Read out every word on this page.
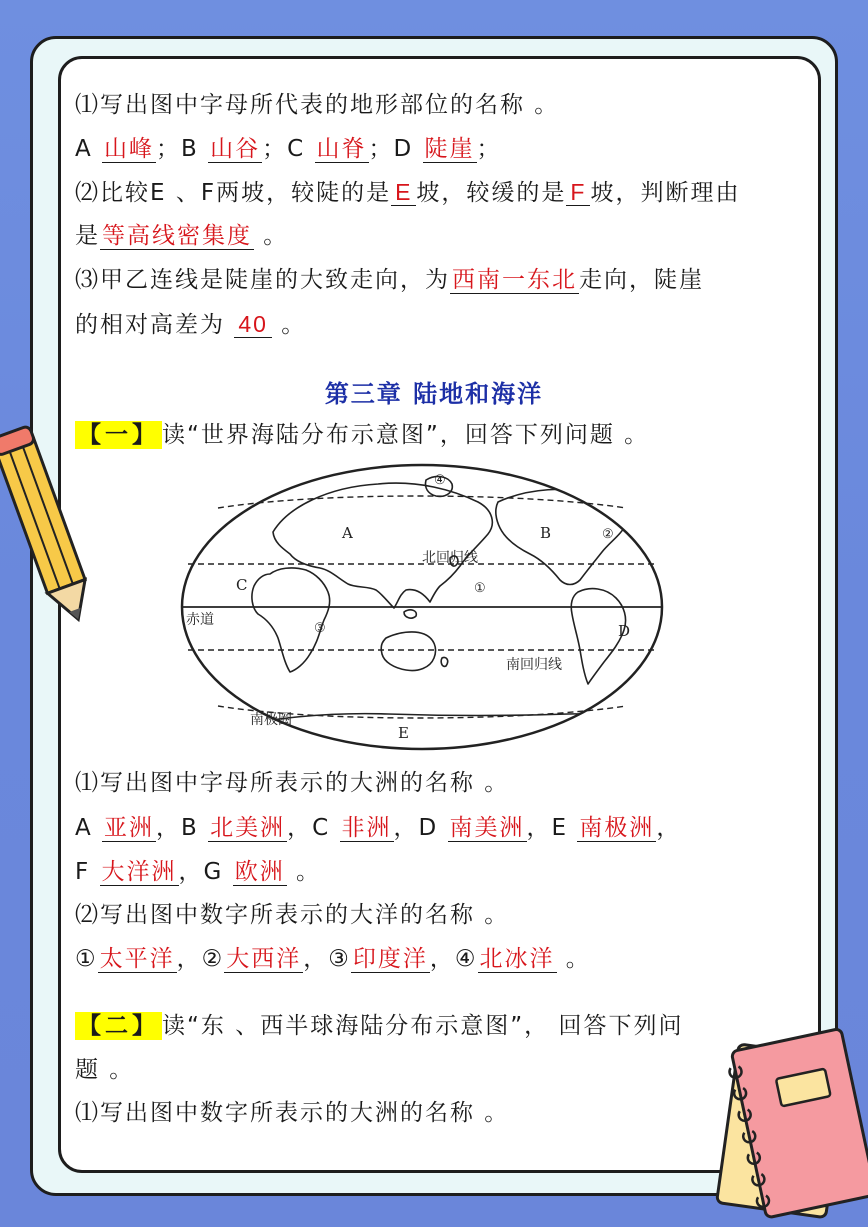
⑴写出图中字母所代表的地形部位的名称 。
A 山峰；B 山谷；C 山脊；D 陡崖；
⑵比较E 、F两坡，较陡的是 E 坡，较缓的是 F 坡，判断理由
是等高线密集度 。
⑶甲乙连线是陡崖的大致走向，为西南一东北走向，陡崖
的相对高差为 40 。
第三章 陆地和海洋
【一】 读“世界海陆分布示意图”，回答下列问题 。
A	B
C
D
E
①
②
③
④
赤道
北回归线
南回归线
南极圈
⑴写出图中字母所表示的大洲的名称 。
A 亚洲，B 北美洲，C 非洲，D 南美洲，E 南极洲，
F 大洋洲，G 欧洲 。
⑵写出图中数字所表示的大洋的名称 。
①太平洋，②大西洋，③印度洋，④北冰洋 。
【二】 读“东 、西半球海陆分布示意图”， 回答下列问
题 。
⑴写出图中数字所表示的大洲的名称 。
